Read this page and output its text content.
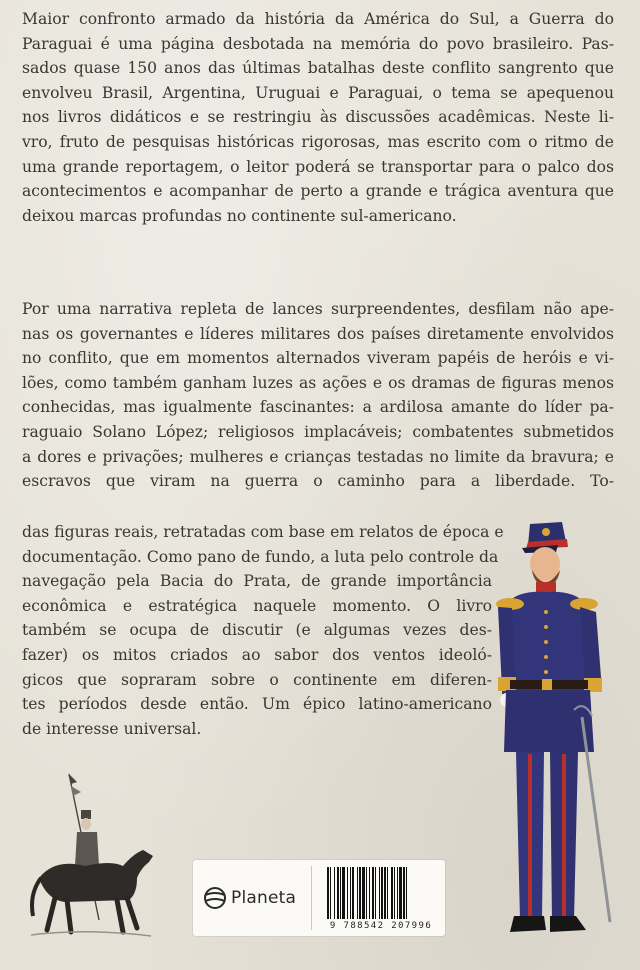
Maior confronto armado da história da América do Sul, a Guerra do
Paraguai é uma página desbotada na memória do povo brasileiro. Pas-
sados quase 150 anos das últimas batalhas deste conflito sangrento que
envolveu Brasil, Argentina, Uruguai e Paraguai, o tema se apequenou
nos livros didáticos e se restringiu às discussões acadêmicas. Neste li-
vro, fruto de pesquisas históricas rigorosas, mas escrito com o ritmo de
uma grande reportagem, o leitor poderá se transportar para o palco dos
acontecimentos e acompanhar de perto a grande e trágica aventura que
deixou marcas profundas no continente sul-americano.

Por uma narrativa repleta de lances surpreendentes, desfilam não ape-
nas os governantes e líderes militares dos países diretamente envolvidos
no conflito, que em momentos alternados viveram papéis de heróis e vi-
lões, como também ganham luzes as ações e os dramas de figuras menos
conhecidas, mas igualmente fascinantes: a ardilosa amante do líder pa-
raguaio Solano López; religiosos implacáveis; combatentes submetidos
a dores e privações; mulheres e crianças testadas no limite da bravura; e
escravos que viram na guerra o caminho para a liberdade. To-

das figuras reais, retratadas com base em relatos de época e
documentação. Como pano de fundo, a luta pelo controle da
navegação pela Bacia do Prata, de grande importância
econômica e estratégica naquele momento. O livro
também se ocupa de discutir (e algumas vezes des-
fazer) os mitos criados ao sabor dos ventos ideoló-
gicos que sopraram sobre o continente em diferen-
tes períodos desde então. Um épico latino-americano
de interesse universal.

Planeta
9 788542 207996
